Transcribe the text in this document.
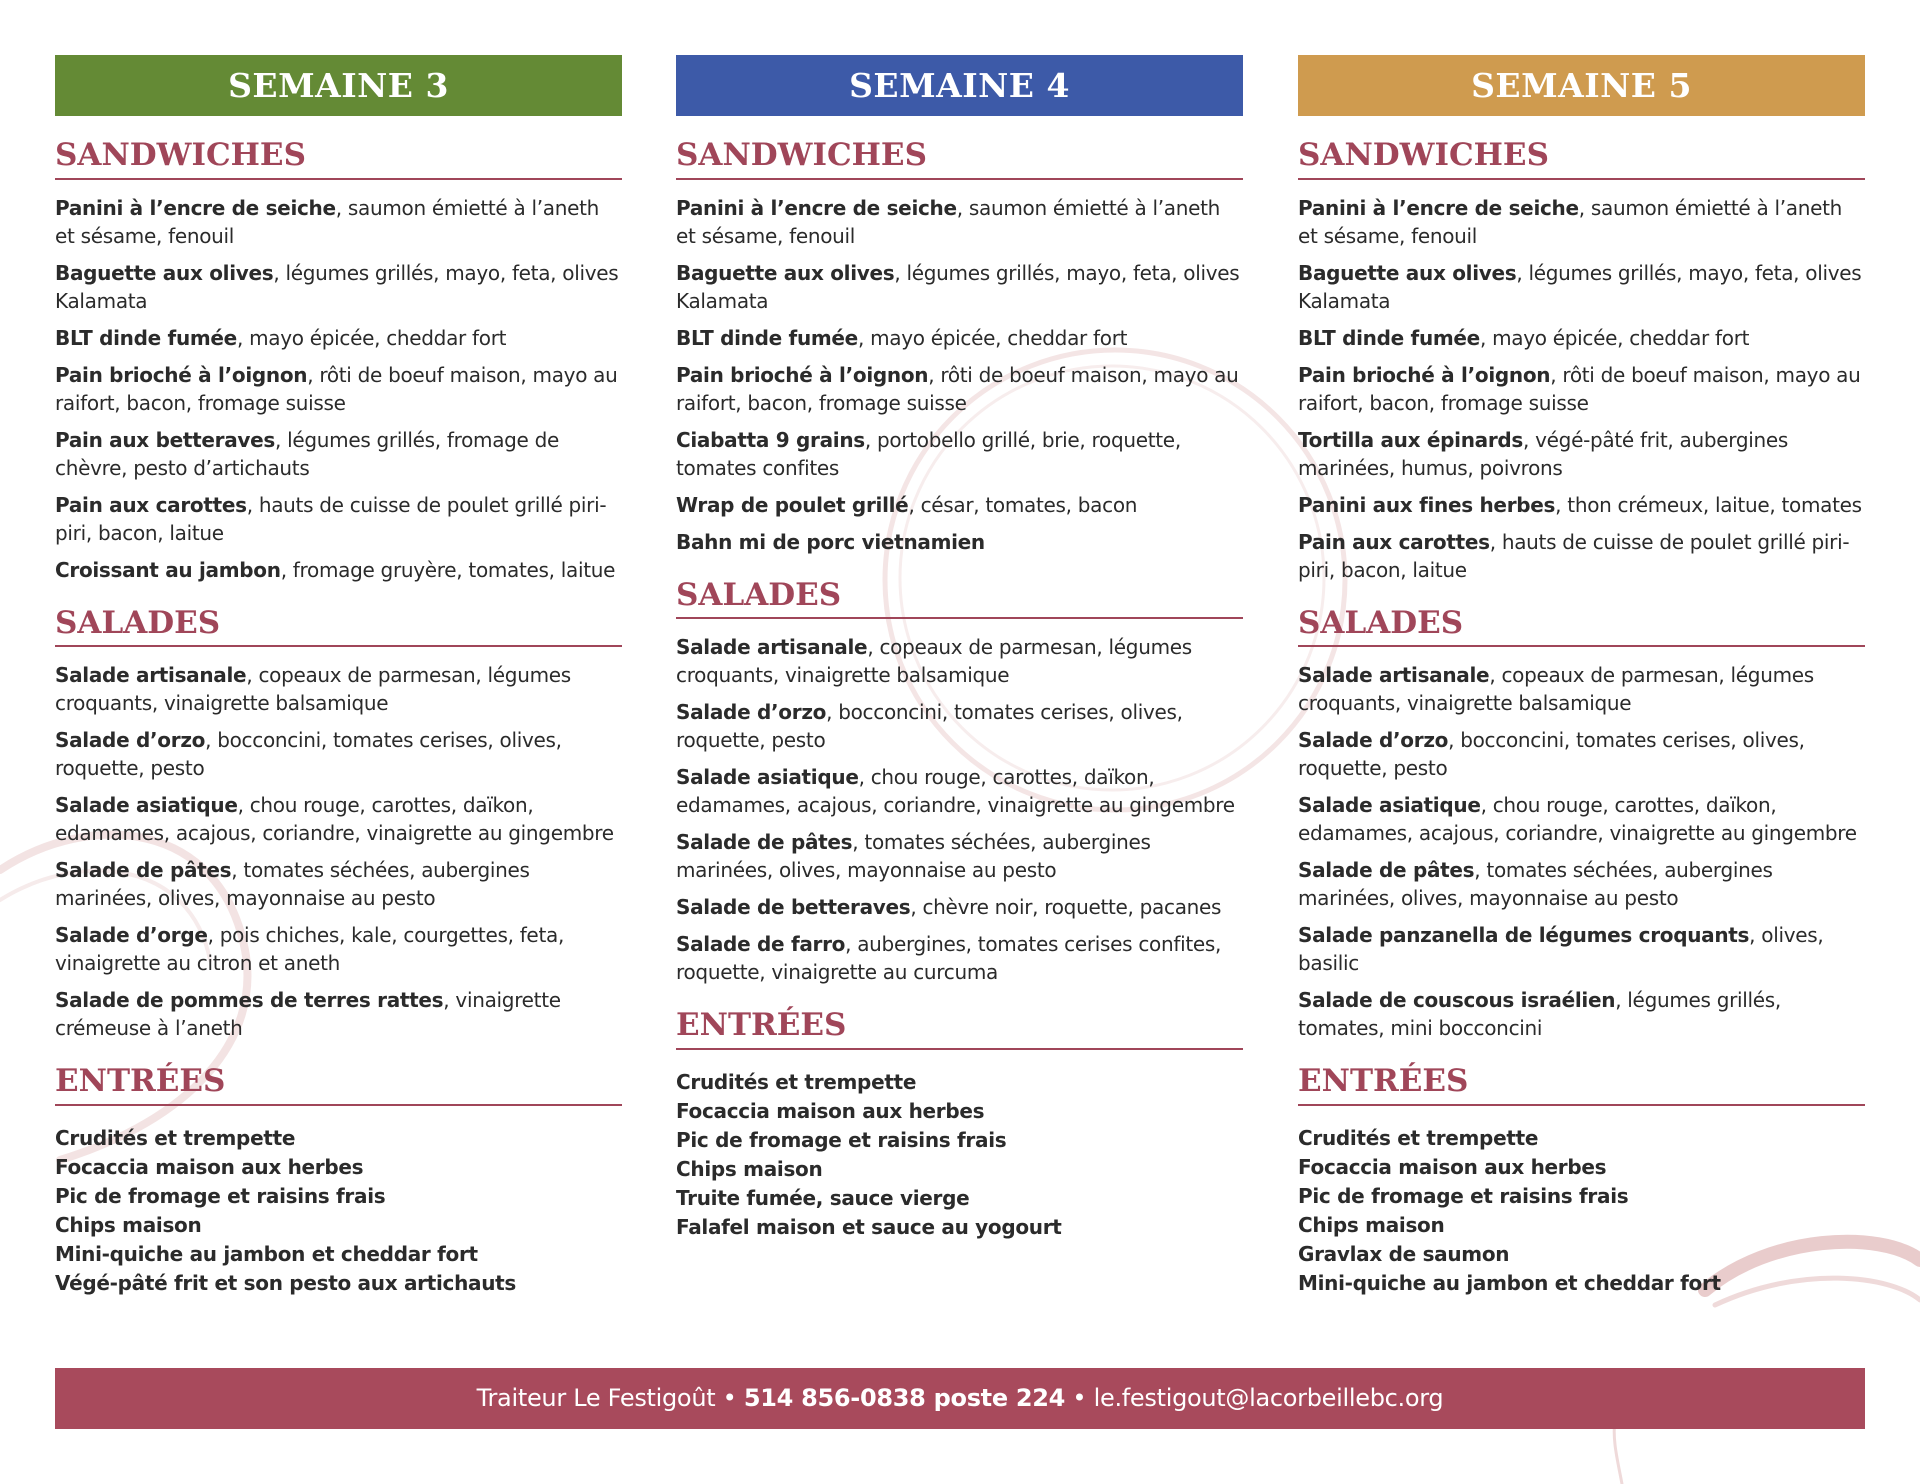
SEMAINE 3
SANDWICHES
Panini à l’encre de seiche, saumon émietté à l’aneth et sésame, fenouil
Baguette aux olives, légumes grillés, mayo, feta, olives Kalamata
BLT dinde fumée, mayo épicée, cheddar fort
Pain brioché à l’oignon, rôti de boeuf maison, mayo au raifort, bacon, fromage suisse
Pain aux betteraves, légumes grillés, fromage de chèvre, pesto d’artichauts
Pain aux carottes, hauts de cuisse de poulet grillé piri-piri, bacon, laitue
Croissant au jambon, fromage gruyère, tomates, laitue
SALADES
Salade artisanale, copeaux de parmesan, légumes croquants, vinaigrette balsamique
Salade d’orzo, bocconcini, tomates cerises, olives, roquette, pesto
Salade asiatique, chou rouge, carottes, daïkon, edamames, acajous, coriandre, vinaigrette au gingembre
Salade de pâtes, tomates séchées, aubergines marinées, olives, mayonnaise au pesto
Salade d’orge, pois chiches, kale, courgettes, feta, vinaigrette au citron et aneth
Salade de pommes de terres rattes, vinaigrette crémeuse à l’aneth
ENTRÉES
Crudités et trempette
Focaccia maison aux herbes
Pic de fromage et raisins frais
Chips maison
Mini-quiche au jambon et cheddar fort
Végé-pâté frit et son pesto aux artichauts
SEMAINE 4
SANDWICHES
Panini à l’encre de seiche, saumon émietté à l’aneth et sésame, fenouil
Baguette aux olives, légumes grillés, mayo, feta, olives Kalamata
BLT dinde fumée, mayo épicée, cheddar fort
Pain brioché à l’oignon, rôti de boeuf maison, mayo au raifort, bacon, fromage suisse
Ciabatta 9 grains, portobello grillé, brie, roquette, tomates confites
Wrap de poulet grillé, césar, tomates, bacon
Bahn mi de porc vietnamien
SALADES
Salade artisanale, copeaux de parmesan, légumes croquants, vinaigrette balsamique
Salade d’orzo, bocconcini, tomates cerises, olives, roquette, pesto
Salade asiatique, chou rouge, carottes, daïkon, edamames, acajous, coriandre, vinaigrette au gingembre
Salade de pâtes, tomates séchées, aubergines marinées, olives, mayonnaise au pesto
Salade de betteraves, chèvre noir, roquette, pacanes
Salade de farro, aubergines, tomates cerises confites, roquette, vinaigrette au curcuma
ENTRÉES
Crudités et trempette
Focaccia maison aux herbes
Pic de fromage et raisins frais
Chips maison
Truite fumée, sauce vierge
Falafel maison et sauce au yogourt
SEMAINE 5
SANDWICHES
Panini à l’encre de seiche, saumon émietté à l’aneth et sésame, fenouil
Baguette aux olives, légumes grillés, mayo, feta, olives Kalamata
BLT dinde fumée, mayo épicée, cheddar fort
Pain brioché à l’oignon, rôti de boeuf maison, mayo au raifort, bacon, fromage suisse
Tortilla aux épinards, végé-pâté frit, aubergines marinées, humus, poivrons
Panini aux fines herbes, thon crémeux, laitue, tomates
Pain aux carottes, hauts de cuisse de poulet grillé piri-piri, bacon, laitue
SALADES
Salade artisanale, copeaux de parmesan, légumes croquants, vinaigrette balsamique
Salade d’orzo, bocconcini, tomates cerises, olives, roquette, pesto
Salade asiatique, chou rouge, carottes, daïkon, edamames, acajous, coriandre, vinaigrette au gingembre
Salade de pâtes, tomates séchées, aubergines marinées, olives, mayonnaise au pesto
Salade panzanella de légumes croquants, olives, basilic
Salade de couscous israélien, légumes grillés, tomates, mini bocconcini
ENTRÉES
Crudités et trempette
Focaccia maison aux herbes
Pic de fromage et raisins frais
Chips maison
Gravlax de saumon
Mini-quiche au jambon et cheddar fort
Traiteur Le Festigoût • 514 856-0838 poste 224 • le.festigout@lacorbeillebc.org
